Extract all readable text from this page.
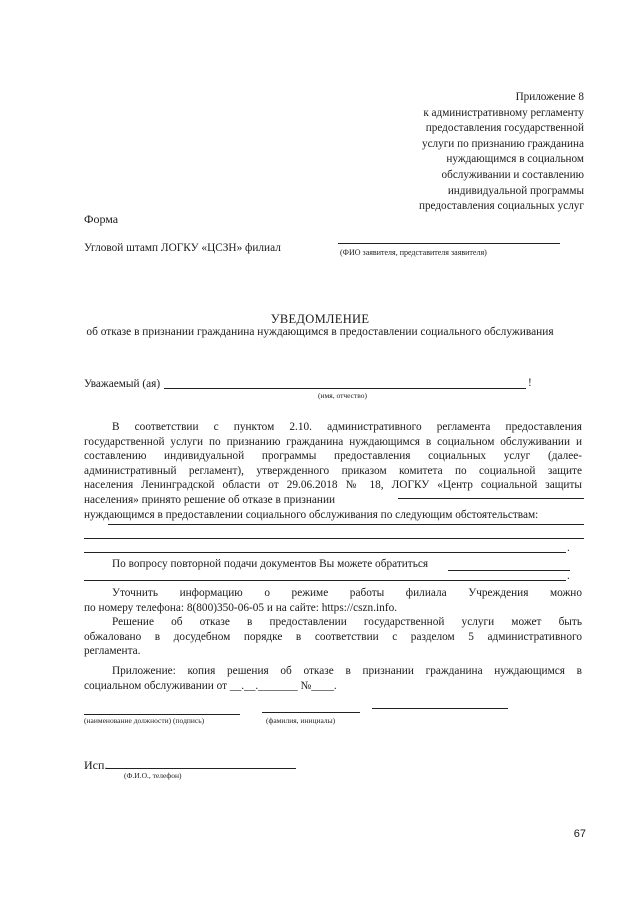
Приложение 8
к административному регламенту
предоставления государственной
услуги по признанию гражданина
нуждающимся в социальном
обслуживании и составлению
индивидуальной программы
предоставления социальных услуг
Форма
Угловой штамп ЛОГКУ «ЦСЗН» филиал	(ФИО заявителя, представителя заявителя)
УВЕДОМЛЕНИЕ
об отказе в признании гражданина нуждающимся в предоставлении социального обслуживания
Уважаемый (ая)	!
(имя, отчество)
В соответствии с пунктом 2.10. административного регламента предоставления
государственной услуги по признанию гражданина нуждающимся в социальном обслуживании и
составлению индивидуальной программы предоставления социальных услуг (далее-
административный регламент), утвержденного приказом комитета по социальной защите
населения Ленинградской области от 29.06.2018 № 18, ЛОГКУ «Центр социальной защиты
населения» принято решение об отказе в признании
нуждающимся в предоставлении социального обслуживания по следующим обстоятельствам:
.
По вопросу повторной подачи документов Вы можете обратиться
.
Уточнить информацию о режиме работы филиала Учреждения можно
по номеру телефона: 8(800)350-06-05 и на сайте: https://cszn.info.
Решение об отказе в предоставлении государственной услуги может быть
обжаловано в досудебном порядке в соответствии с разделом 5 административного
регламента.
Приложение: копия решения об отказе в признании гражданина нуждающимся в
социальном обслуживании от __.__._______ №____.
(наименование должности) (подпись)	(фамилия, инициалы)
Исп.
(Ф.И.О., телефон)
67
